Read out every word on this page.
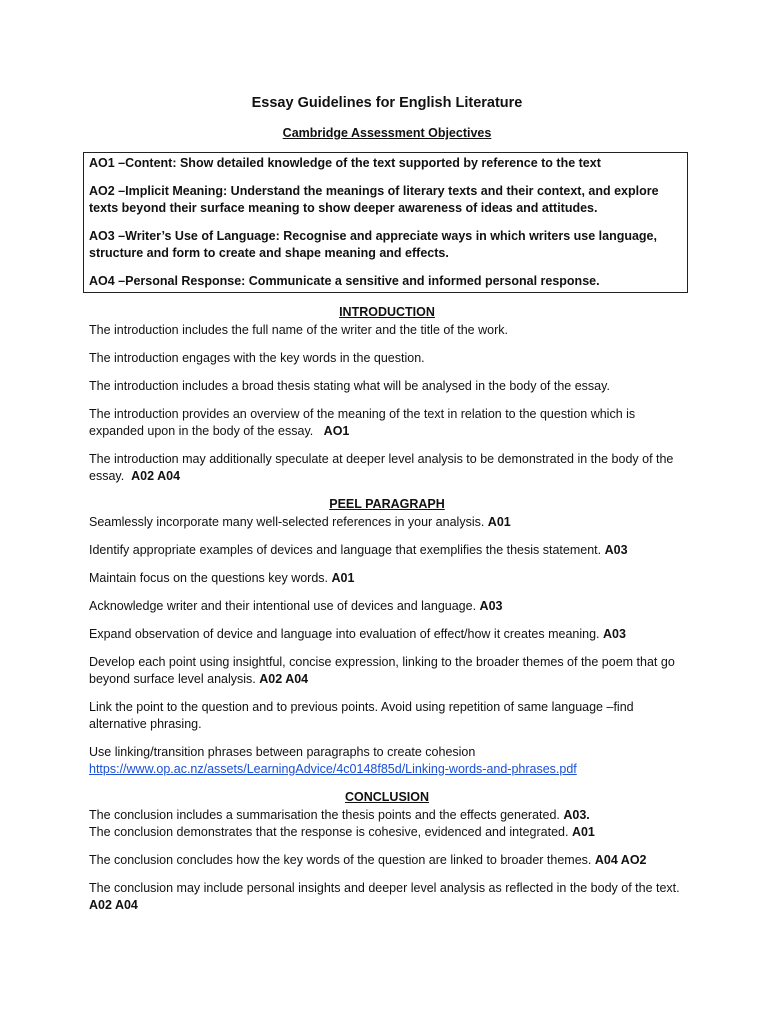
Essay Guidelines for English Literature
Cambridge Assessment Objectives

AO1 –Content: Show detailed knowledge of the text supported by reference to the text

AO2 –Implicit Meaning: Understand the meanings of literary texts and their context, and explore texts beyond their surface meaning to show deeper awareness of ideas and attitudes.

AO3 –Writer’s Use of Language: Recognise and appreciate ways in which writers use language, structure and form to create and shape meaning and effects.

AO4 –Personal Response: Communicate a sensitive and informed personal response.

INTRODUCTION

The introduction includes the full name of the writer and the title of the work.

The introduction engages with the key words in the question.

The introduction includes a broad thesis stating what will be analysed in the body of the essay.

The introduction provides an overview of the meaning of the text in relation to the question which is expanded upon in the body of the essay. AO1

The introduction may additionally speculate at deeper level analysis to be demonstrated in the body of the essay. A02 A04

PEEL PARAGRAPH

Seamlessly incorporate many well-selected references in your analysis. A01

Identify appropriate examples of devices and language that exemplifies the thesis statement. A03

Maintain focus on the questions key words. A01

Acknowledge writer and their intentional use of devices and language. A03

Expand observation of device and language into evaluation of effect/how it creates meaning. A03

Develop each point using insightful, concise expression, linking to the broader themes of the poem that go beyond surface level analysis. A02 A04

Link the point to the question and to previous points. Avoid using repetition of same language –find alternative phrasing.

Use linking/transition phrases between paragraphs to create cohesion
https://www.op.ac.nz/assets/LearningAdvice/4c0148f85d/Linking-words-and-phrases.pdf

CONCLUSION

The conclusion includes a summarisation the thesis points and the effects generated. A03.

The conclusion demonstrates that the response is cohesive, evidenced and integrated. A01

The conclusion concludes how the key words of the question are linked to broader themes. A04 AO2

The conclusion may include personal insights and deeper level analysis as reflected in the body of the text. A02 A04
